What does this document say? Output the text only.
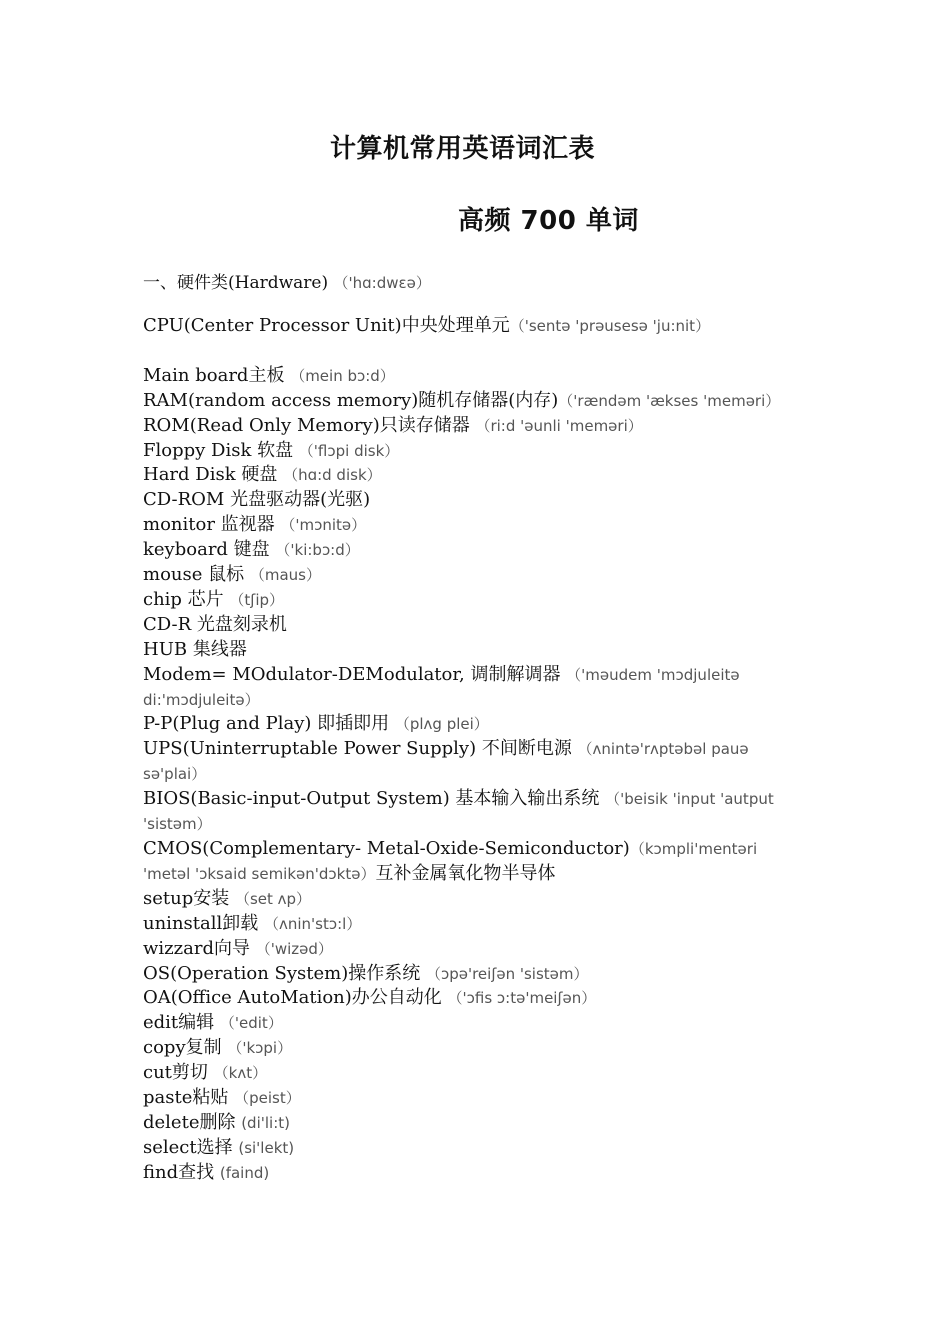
计算机常用英语词汇表
高频 700 单词

一、硬件类(Hardware) （'hɑ:dwɛə）

CPU(Center Processor Unit)中央处理单元（'sentə 'prəusesə 'ju:nit）

Main board主板 （mein bɔ:d）

RAM(random access memory)随机存储器(内存)（'rændəm 'ækses 'meməri）

ROM(Read Only Memory)只读存储器 （ri:d 'əunli 'meməri）

Floppy Disk 软盘 （'flɔpi disk）

Hard Disk 硬盘 （hɑ:d disk）

CD-ROM 光盘驱动器(光驱)

monitor 监视器 （'mɔnitə）

keyboard 键盘 （'ki:bɔ:d）

mouse 鼠标 （maus）

chip 芯片 （tʃip）

CD-R 光盘刻录机

HUB 集线器

Modem= MOdulator-DEModulator, 调制解调器 （'məudem 'mɔdjuleitə di:'mɔdjuleitə）

P-P(Plug and Play) 即插即用 （plʌg plei）

UPS(Uninterruptable Power Supply) 不间断电源 （ʌnintə'rʌptəbəl pauə sə'plai）

BIOS(Basic-input-Output System) 基本输入输出系统 （'beisik 'input 'autput 'sistəm）

CMOS(Complementary- Metal-Oxide-Semiconductor)（kɔmpli'mentəri 'metəl 'ɔksaid semikən'dɔktə）互补金属氧化物半导体

setup安装 （set ʌp）

uninstall卸载 （ʌnin'stɔ:l）

wizzard向导 （'wizəd）

OS(Operation System)操作系统 （ɔpə'reiʃən 'sistəm）

OA(Office AutoMation)办公自动化 （'ɔfis ɔ:tə'meiʃən）

edit编辑 （'edit）

copy复制 （'kɔpi）

cut剪切 （kʌt）

paste粘贴 （peist）

delete删除 (di'li:t)

select选择 (si'lekt)

find查找 (faind)
